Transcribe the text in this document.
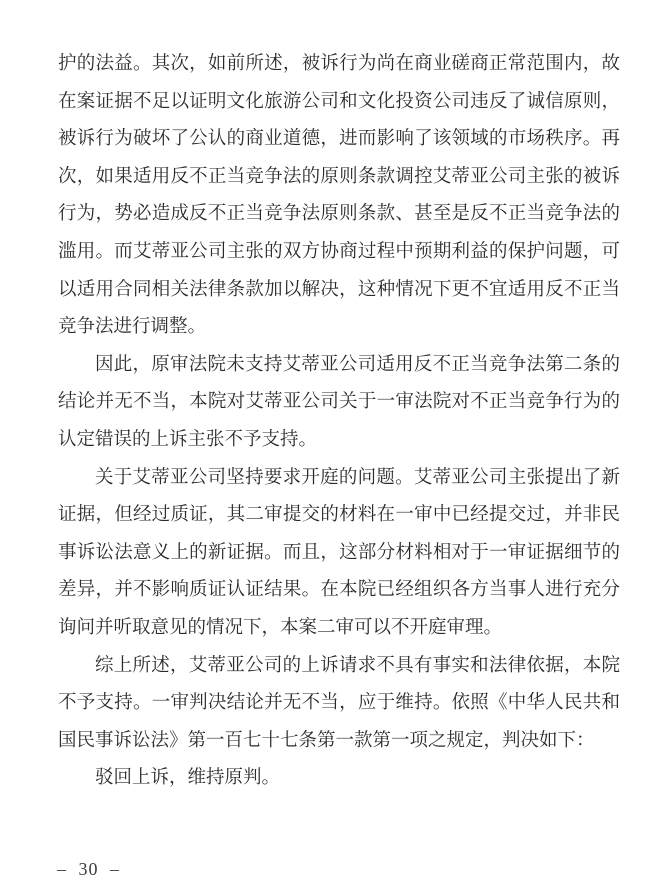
护的法益。其次，如前所述，被诉行为尚在商业磋商正常范围内，故
在案证据不足以证明文化旅游公司和文化投资公司违反了诚信原则，
被诉行为破坏了公认的商业道德，进而影响了该领域的市场秩序。再
次，如果适用反不正当竞争法的原则条款调控艾蒂亚公司主张的被诉
行为，势必造成反不正当竞争法原则条款、甚至是反不正当竞争法的
滥用。而艾蒂亚公司主张的双方协商过程中预期利益的保护问题，可
以适用合同相关法律条款加以解决，这种情况下更不宜适用反不正当
竞争法进行调整。
因此，原审法院未支持艾蒂亚公司适用反不正当竞争法第二条的
结论并无不当，本院对艾蒂亚公司关于一审法院对不正当竞争行为的
认定错误的上诉主张不予支持。
关于艾蒂亚公司坚持要求开庭的问题。艾蒂亚公司主张提出了新
证据，但经过质证，其二审提交的材料在一审中已经提交过，并非民
事诉讼法意义上的新证据。而且，这部分材料相对于一审证据细节的
差异，并不影响质证认证结果。在本院已经组织各方当事人进行充分
询问并听取意见的情况下，本案二审可以不开庭审理。
综上所述，艾蒂亚公司的上诉请求不具有事实和法律依据，本院
不予支持。一审判决结论并无不当，应于维持。依照《中华人民共和
国民事诉讼法》第一百七十七条第一款第一项之规定，判决如下：
驳回上诉，维持原判。
– 30 –
